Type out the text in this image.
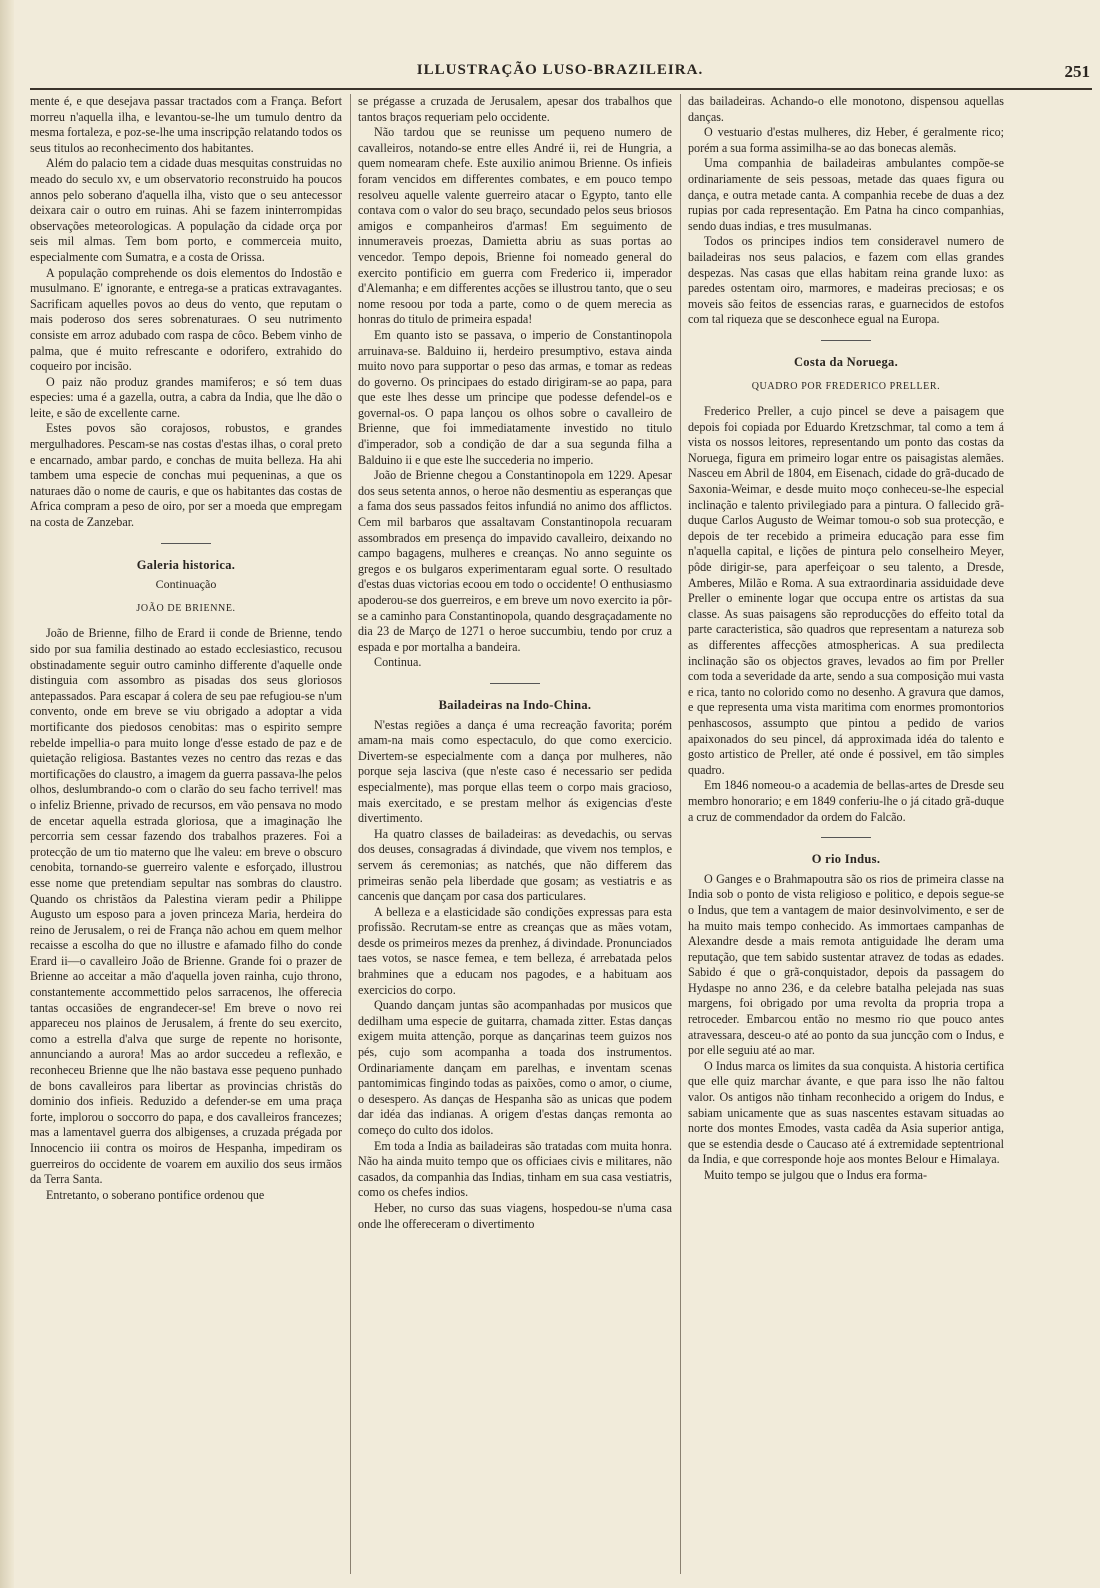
ILLUSTRAÇÃO LUSO-BRAZILEIRA.	251

mente é, e que desejava passar tractados com a França. Befort morreu n'aquella ilha, e levantou-se-lhe um tumulo dentro da mesma fortaleza, e poz-se-lhe uma inscripção relatando todos os seus titulos ao reconhecimento dos habitantes.

Além do palacio tem a cidade duas mesquitas construidas no meado do seculo xv, e um observatorio reconstruido ha poucos annos pelo soberano d'aquella ilha, visto que o seu antecessor deixara cair o outro em ruinas. Ahi se fazem ininterrompidas observações meteorologicas. A população da cidade orça por seis mil almas. Tem bom porto, e commerceia muito, especialmente com Sumatra, e a costa de Orissa.

A população comprehende os dois elementos do Indostão e musulmano. E' ignorante, e entrega-se a praticas extravagantes. Sacrificam aquelles povos ao deus do vento, que reputam o mais poderoso dos seres sobrenaturaes. O seu nutrimento consiste em arroz adubado com raspa de côco. Bebem vinho de palma, que é muito refrescante e odorifero, extrahido do coqueiro por incisão.

O paiz não produz grandes mamiferos; e só tem duas especies: uma é a gazella, outra, a cabra da India, que lhe dão o leite, e são de excellente carne.

Estes povos são corajosos, robustos, e grandes mergulhadores. Pescam-se nas costas d'estas ilhas, o coral preto e encarnado, ambar pardo, e conchas de muita belleza. Ha ahi tambem uma especie de conchas mui pequeninas, a que os naturaes dão o nome de cauris, e que os habitantes das costas de Africa compram a peso de oiro, por ser a moeda que empregam na costa de Zanzebar.

Galeria historica.
Continuação
JOÃO DE BRIENNE.

João de Brienne, filho de Erard ii conde de Brienne, tendo sido por sua familia destinado ao estado ecclesiastico, recusou obstinadamente seguir outro caminho differente d'aquelle onde distinguia com assombro as pisadas dos seus gloriosos antepassados. Para escapar á colera de seu pae refugiou-se n'um convento, onde em breve se viu obrigado a adoptar a vida mortificante dos piedosos cenobitas: mas o espirito sempre rebelde impellia-o para muito longe d'esse estado de paz e de quietação religiosa. Bastantes vezes no centro das rezas e das mortificações do claustro, a imagem da guerra passava-lhe pelos olhos, deslumbrando-o com o clarão do seu facho terrivel! mas o infeliz Brienne, privado de recursos, em vão pensava no modo de encetar aquella estrada gloriosa, que a imaginação lhe percorria sem cessar fazendo dos trabalhos prazeres. Foi a protecção de um tio materno que lhe valeu: em breve o obscuro cenobita, tornando-se guerreiro valente e esforçado, illustrou esse nome que pretendiam sepultar nas sombras do claustro. Quando os christãos da Palestina vieram pedir a Philippe Augusto um esposo para a joven princeza Maria, herdeira do reino de Jerusalem, o rei de França não achou em quem melhor recaisse a escolha do que no illustre e afamado filho do conde Erard ii—o cavalleiro João de Brienne. Grande foi o prazer de Brienne ao acceitar a mão d'aquella joven rainha, cujo throno, constantemente accommettido pelos sarracenos, lhe offerecia tantas occasiões de engrandecer-se! Em breve o novo rei appareceu nos plainos de Jerusalem, á frente do seu exercito, como a estrella d'alva que surge de repente no horisonte, annunciando a aurora! Mas ao ardor succedeu a reflexão, e reconheceu Brienne que lhe não bastava esse pequeno punhado de bons cavalleiros para libertar as provincias christãs do dominio dos infieis. Reduzido a defender-se em uma praça forte, implorou o soccorro do papa, e dos cavalleiros francezes; mas a lamentavel guerra dos albigenses, a cruzada prégada por Innocencio iii contra os moiros de Hespanha, impediram os guerreiros do occidente de voarem em auxilio dos seus irmãos da Terra Santa.

Entretanto, o soberano pontifice ordenou que

se prégasse a cruzada de Jerusalem, apesar dos trabalhos que tantos braços requeriam pelo occidente.

Não tardou que se reunisse um pequeno numero de cavalleiros, notando-se entre elles André ii, rei de Hungria, a quem nomearam chefe. Este auxilio animou Brienne. Os infieis foram vencidos em differentes combates, e em pouco tempo resolveu aquelle valente guerreiro atacar o Egypto, tanto elle contava com o valor do seu braço, secundado pelos seus briosos amigos e companheiros d'armas! Em seguimento de innumeraveis proezas, Damietta abriu as suas portas ao vencedor. Tempo depois, Brienne foi nomeado general do exercito pontificio em guerra com Frederico ii, imperador d'Alemanha; e em differentes acções se illustrou tanto, que o seu nome resoou por toda a parte, como o de quem merecia as honras do titulo de primeira espada!

Em quanto isto se passava, o imperio de Constantinopola arruinava-se. Balduino ii, herdeiro presumptivo, estava ainda muito novo para supportar o peso das armas, e tomar as redeas do governo. Os principaes do estado dirigiram-se ao papa, para que este lhes desse um principe que podesse defendel-os e governal-os. O papa lançou os olhos sobre o cavalleiro de Brienne, que foi immediatamente investido no titulo d'imperador, sob a condição de dar a sua segunda filha a Balduino ii e que este lhe succederia no imperio.

João de Brienne chegou a Constantinopola em 1229. Apesar dos seus setenta annos, o heroe não desmentiu as esperanças que a fama dos seus passados feitos infundiá no animo dos afflictos. Cem mil barbaros que assaltavam Constantinopola recuaram assombrados em presença do impavido cavalleiro, deixando no campo bagagens, mulheres e creanças. No anno seguinte os gregos e os bulgaros experimentaram egual sorte. O resultado d'estas duas victorias ecoou em todo o occidente! O enthusiasmo apoderou-se dos guerreiros, e em breve um novo exercito ia pôr-se a caminho para Constantinopola, quando desgraçadamente no dia 23 de Março de 1271 o heroe succumbiu, tendo por cruz a espada e por mortalha a bandeira.

Continua.

Bailadeiras na Indo-China.

N'estas regiões a dança é uma recreação favorita; porém amam-na mais como espectaculo, do que como exercicio. Divertem-se especialmente com a dança por mulheres, não porque seja lasciva (que n'este caso é necessario ser pedida especialmente), mas porque ellas teem o corpo mais gracioso, mais exercitado, e se prestam melhor ás exigencias d'este divertimento.

Ha quatro classes de bailadeiras: as devedachis, ou servas dos deuses, consagradas á divindade, que vivem nos templos, e servem ás ceremonias; as natchés, que não differem das primeiras senão pela liberdade que gosam; as vestiatris e as cancenis que dançam por casa dos particulares.

A belleza e a elasticidade são condições expressas para esta profissão. Recrutam-se entre as creanças que as mães votam, desde os primeiros mezes da prenhez, á divindade. Pronunciados taes votos, se nasce femea, e tem belleza, é arrebatada pelos brahmines que a educam nos pagodes, e a habituam aos exercicios do corpo.

Quando dançam juntas são acompanhadas por musicos que dedilham uma especie de guitarra, chamada zitter. Estas danças exigem muita attenção, porque as dançarinas teem guizos nos pés, cujo som acompanha a toada dos instrumentos. Ordinariamente dançam em parelhas, e inventam scenas pantomimicas fingindo todas as paixões, como o amor, o ciume, o desespero. As danças de Hespanha são as unicas que podem dar idéa das indianas. A origem d'estas danças remonta ao começo do culto dos idolos.

Em toda a India as bailadeiras são tratadas com muita honra. Não ha ainda muito tempo que os officiaes civis e militares, não casados, da companhia das Indias, tinham em sua casa vestiatris, como os chefes indios.

Heber, no curso das suas viagens, hospedou-se n'uma casa onde lhe offereceram o divertimento

das bailadeiras. Achando-o elle monotono, dispensou aquellas danças.

O vestuario d'estas mulheres, diz Heber, é geralmente rico; porém a sua forma assimilha-se ao das bonecas alemãs.

Uma companhia de bailadeiras ambulantes compõe-se ordinariamente de seis pessoas, metade das quaes figura ou dança, e outra metade canta. A companhia recebe de duas a dez rupias por cada representação. Em Patna ha cinco companhias, sendo duas indias, e tres musulmanas.

Todos os principes indios tem consideravel numero de bailadeiras nos seus palacios, e fazem com ellas grandes despezas. Nas casas que ellas habitam reina grande luxo: as paredes ostentam oiro, marmores, e madeiras preciosas; e os moveis são feitos de essencias raras, e guarnecidos de estofos com tal riqueza que se desconhece egual na Europa.

Costa da Noruega.
QUADRO POR FREDERICO PRELLER.

Frederico Preller, a cujo pincel se deve a paisagem que depois foi copiada por Eduardo Kretzschmar, tal como a tem á vista os nossos leitores, representando um ponto das costas da Noruega, figura em primeiro logar entre os paisagistas alemães. Nasceu em Abril de 1804, em Eisenach, cidade do grã-ducado de Saxonia-Weimar, e desde muito moço conheceu-se-lhe especial inclinação e talento privilegiado para a pintura. O fallecido grã-duque Carlos Augusto de Weimar tomou-o sob sua protecção, e depois de ter recebido a primeira educação para esse fim n'aquella capital, e lições de pintura pelo conselheiro Meyer, pôde dirigir-se, para aperfeiçoar o seu talento, a Dresde, Amberes, Milão e Roma. A sua extraordinaria assiduidade deve Preller o eminente logar que occupa entre os artistas da sua classe. As suas paisagens são reproducções do effeito total da parte caracteristica, são quadros que representam a natureza sob as differentes affecções atmosphericas. A sua predilecta inclinação são os objectos graves, levados ao fim por Preller com toda a severidade da arte, sendo a sua composição mui vasta e rica, tanto no colorido como no desenho. A gravura que damos, e que representa uma vista maritima com enormes promontorios penhascosos, assumpto que pintou a pedido de varios apaixonados do seu pincel, dá approximada idéa do talento e gosto artistico de Preller, até onde é possivel, em tão simples quadro.

Em 1846 nomeou-o a academia de bellas-artes de Dresde seu membro honorario; e em 1849 conferiu-lhe o já citado grã-duque a cruz de commendador da ordem do Falcão.

O rio Indus.

O Ganges e o Brahmapoutra são os rios de primeira classe na India sob o ponto de vista religioso e politico, e depois segue-se o Indus, que tem a vantagem de maior desinvolvimento, e ser de ha muito mais tempo conhecido. As immortaes campanhas de Alexandre desde a mais remota antiguidade lhe deram uma reputação, que tem sabido sustentar atravez de todas as edades. Sabido é que o grã-conquistador, depois da passagem do Hydaspe no anno 236, e da celebre batalha pelejada nas suas margens, foi obrigado por uma revolta da propria tropa a retroceder. Embarcou então no mesmo rio que pouco antes atravessara, desceu-o até ao ponto da sua juncção com o Indus, e por elle seguiu até ao mar.

O Indus marca os limites da sua conquista. A historia certifica que elle quiz marchar ávante, e que para isso lhe não faltou valor. Os antigos não tinham reconhecido a origem do Indus, e sabiam unicamente que as suas nascentes estavam situadas ao norte dos montes Emodes, vasta cadêa da Asia superior antiga, que se estendia desde o Caucaso até á extremidade septentrional da India, e que corresponde hoje aos montes Belour e Himalaya.

Muito tempo se julgou que o Indus era forma-
